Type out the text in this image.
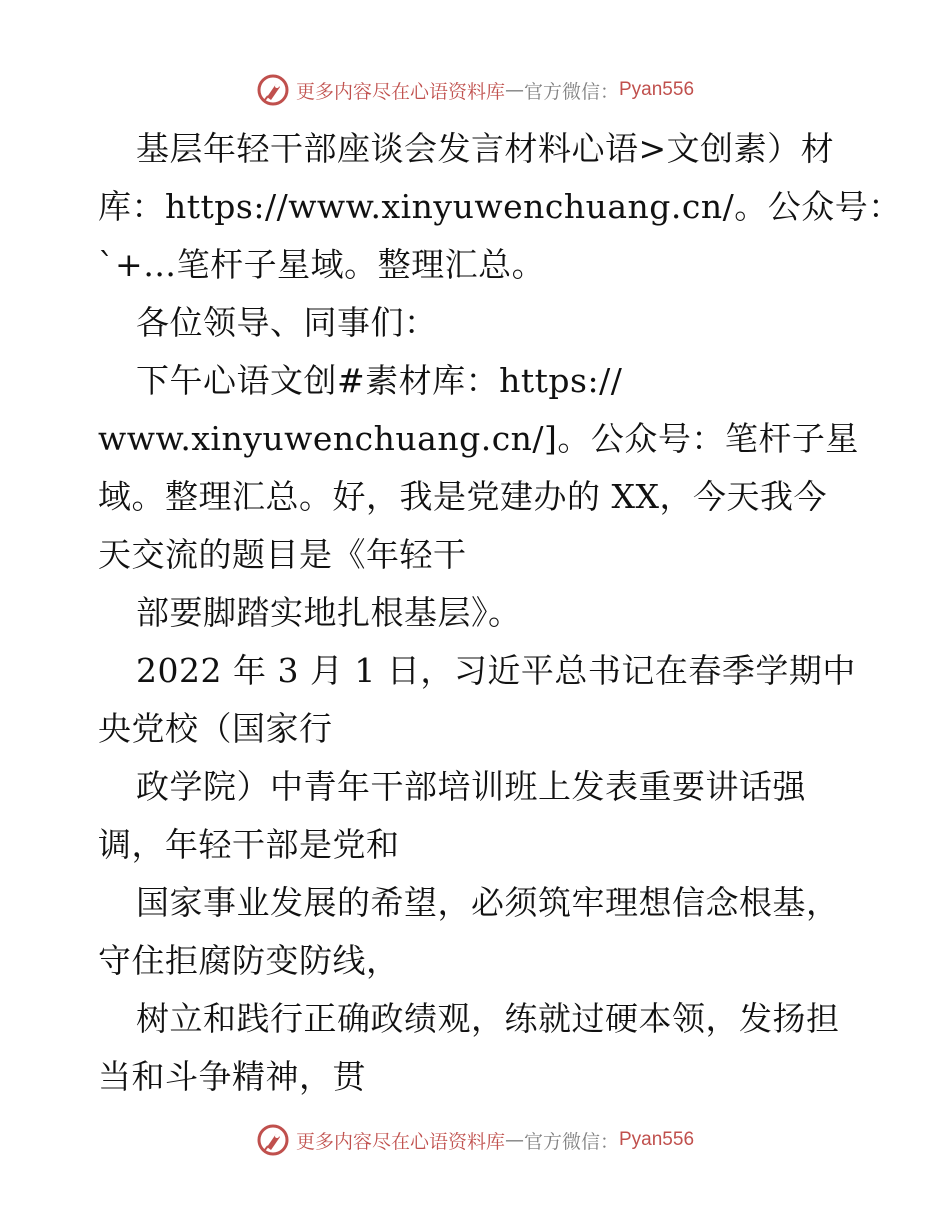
更多内容尽在心语资料库 — 官方微信： Pyan556
基层年轻干部座谈会发言材料心语>文创素）材
库：https://www.xinyuwenchuang.cn/。公众号：
`+…笔杆子星域。整理汇总。
各位领导、同事们：
下午心语文创#素材库：https://
www.xinyuwenchuang.cn/]。公众号：笔杆子星
域。整理汇总。好，我是党建办的 XX，今天我今
天交流的题目是《年轻干
部要脚踏实地扎根基层》。
2022 年 3 月 1 日，习近平总书记在春季学期中
央党校（国家行
政学院）中青年干部培训班上发表重要讲话强
调，年轻干部是党和
国家事业发展的希望，必须筑牢理想信念根基，
守住拒腐防变防线，
树立和践行正确政绩观，练就过硬本领，发扬担
当和斗争精神，贯
更多内容尽在心语资料库 — 官方微信： Pyan556
